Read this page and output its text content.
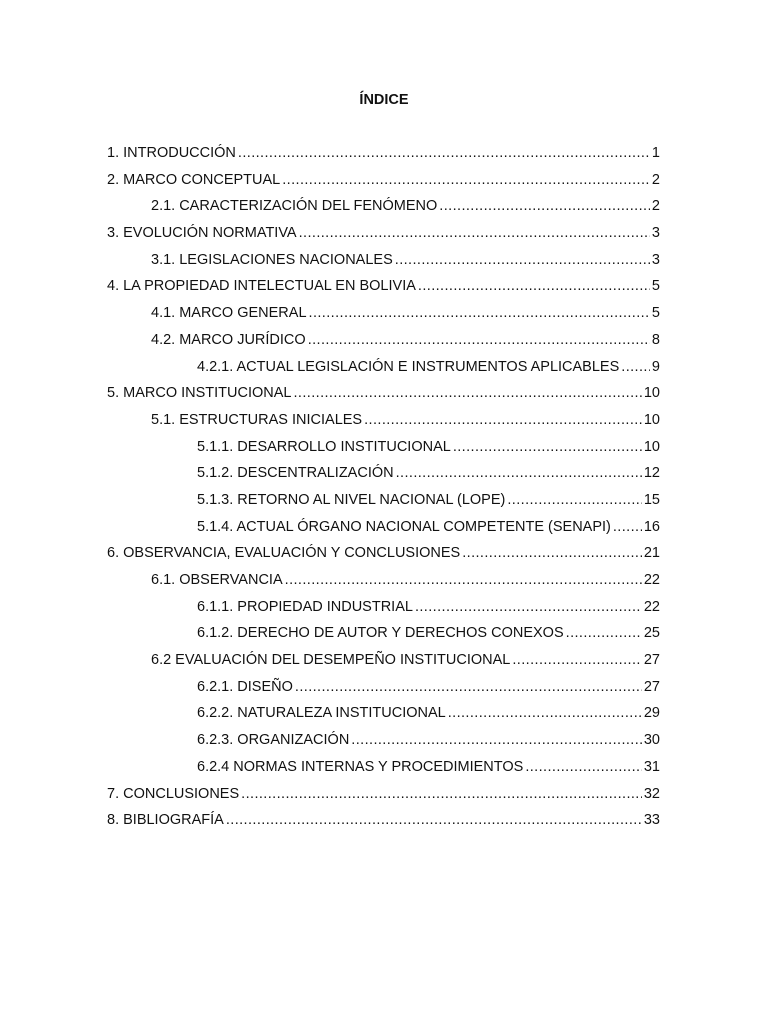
ÍNDICE
1. INTRODUCCIÓN .....	1
2. MARCO CONCEPTUAL .....	2
2.1. CARACTERIZACIÓN DEL FENÓMENO .....	2
3. EVOLUCIÓN NORMATIVA .....	3
3.1. LEGISLACIONES NACIONALES .....	3
4. LA PROPIEDAD INTELECTUAL EN BOLIVIA .....	5
4.1. MARCO GENERAL .....	5
4.2. MARCO JURÍDICO .....	8
4.2.1. ACTUAL LEGISLACIÓN E INSTRUMENTOS APLICABLES ..... 9
5. MARCO INSTITUCIONAL .....	10
5.1. ESTRUCTURAS INICIALES .....	10
5.1.1. DESARROLLO INSTITUCIONAL .....	10
5.1.2. DESCENTRALIZACIÓN .....	12
5.1.3. RETORNO AL NIVEL NACIONAL (LOPE) .....	15
5.1.4. ACTUAL ÓRGANO NACIONAL COMPETENTE (SENAPI) ..... 16
6. OBSERVANCIA, EVALUACIÓN Y CONCLUSIONES .....	21
6.1. OBSERVANCIA .....	22
6.1.1. PROPIEDAD INDUSTRIAL .....	22
6.1.2. DERECHO DE AUTOR Y DERECHOS CONEXOS .....	25
6.2 EVALUACIÓN DEL DESEMPEÑO INSTITUCIONAL .....	27
6.2.1. DISEÑO .....	27
6.2.2. NATURALEZA INSTITUCIONAL .....	29
6.2.3. ORGANIZACIÓN .....	30
6.2.4 NORMAS INTERNAS Y PROCEDIMIENTOS .....	31
7. CONCLUSIONES .....	32
8. BIBLIOGRAFÍA .....	33
